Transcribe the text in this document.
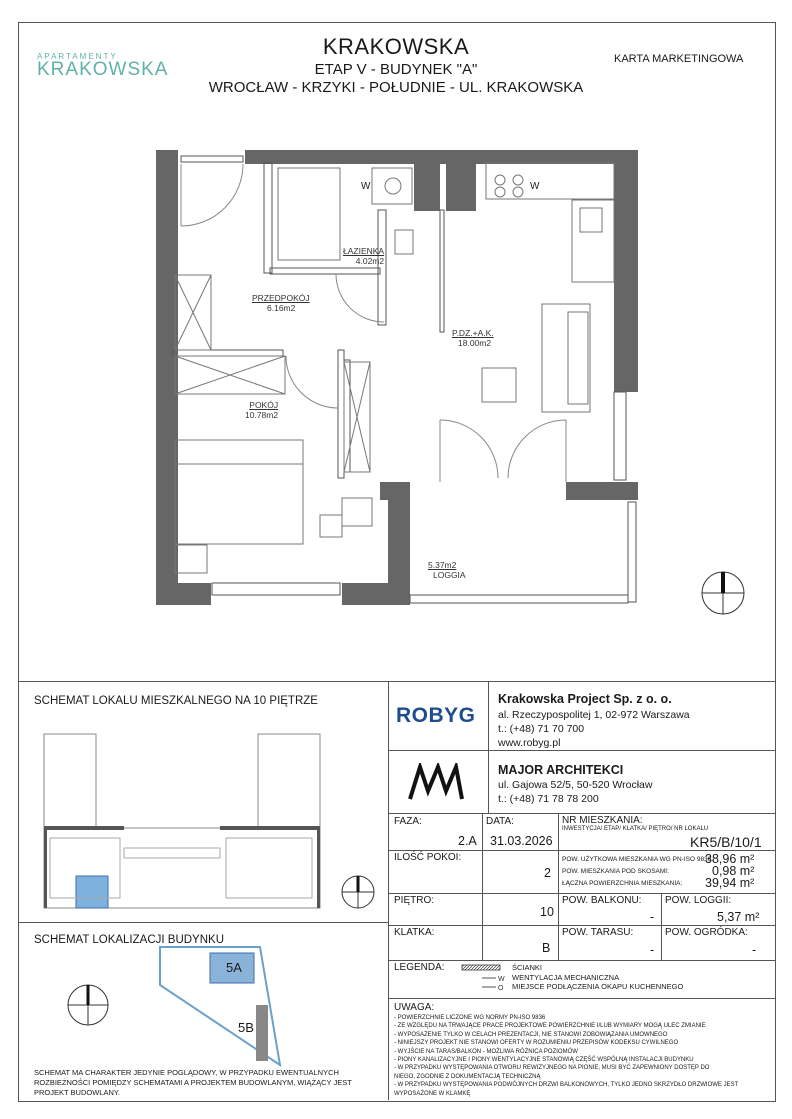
APARTAMENTY
KRAKOWSKA
KRAKOWSKA
ETAP V - BUDYNEK "A"
WROCŁAW - KRZYKI - POŁUDNIE - UL. KRAKOWSKA
KARTA MARKETINGOWA
W	W
ŁAZIENKA
4.02m2
PRZEDPOKÓJ
6.16m2
P.DZ.+A.K.
18.00m2
POKÓJ
10.78m2
5.37m2
LOGGIA
SCHEMAT LOKALU MIESZKALNEGO NA 10 PIĘTRZE
SCHEMAT LOKALIZACJI BUDYNKU
5A
5B
SCHEMAT MA CHARAKTER JEDYNIE POGLĄDOWY, W PRZYPADKU EWENTUALNYCH ROZBIEŻNOŚCI POMIĘDZY SCHEMATAMI A PROJEKTEM BUDOWLANYM, WIĄŻĄCY JEST PROJEKT BUDOWLANY.
ROBYG
Krakowska Project Sp. z o. o.
al. Rzeczypospolitej 1, 02-972 Warszawa
t.: (+48) 71 70 700
www.robyg.pl
MAJOR ARCHITEKCI
ul. Gajowa 52/5, 50-520 Wrocław
t.: (+48) 71 78 78 200
FAZA:
2.A
DATA:
31.03.2026
NR MIESZKANIA:
INWESTYCJA/ ETAP/ KLATKA/ PIĘTRO/ NR LOKALU
KR5/B/10/1
ILOŚĆ POKOI:
2
POW. UŻYTKOWA MIESZKANIA WG PN-ISO 9836:
38,96 m²
POW. MIESZKANIA POD SKOSAMI:	0,98 m²
ŁĄCZNA POWIERZCHNIA MIESZKANIA: 39,94 m²
PIĘTRO:
10
POW. BALKONU:
-
POW. LOGGII:
5,37 m²
KLATKA:
B
POW. TARASU:
-
POW. OGRÓDKA:
-
LEGENDA:
W
O
ŚCIANKI
WENTYLACJA MECHANICZNA
MIEJSCE PODŁĄCZENIA OKAPU KUCHENNEGO
UWAGA:
- POWIERZCHNIE LICZONE WG NORMY PN-ISO 9836
- ZE WZGLĘDU NA TRWAJĄCE PRACE PROJEKTOWE POWIERZCHNIE I/LUB WYMIARY MOGĄ ULEC ZMIANIE
- WYPOSAŻENIE TYLKO W CELACH PREZENTACJI, NIE STANOWI ZOBOWIĄZANIA UMOWNEGO
- NINIEJSZY PROJEKT NIE STANOWI OFERTY W ROZUMIENIU PRZEPISÓW KODEKSU CYWILNEGO
- WYJŚCIE NA TARAS/BALKON - MOŻLIWA RÓŻNICA POZIOMÓW
- PIONY KANALIZACYJNE I PIONY WENTYLACYJNE STANOWIĄ CZĘŚĆ WSPÓLNĄ INSTALACJI BUDYNKU
- W PRZYPADKU WYSTĘPOWANIA OTWORU REWIZYJNEGO NA PIONIE, MUSI BYĆ ZAPEWNIONY DOSTĘP DO
NIEGO, ZGODNIE Z DOKUMENTACJĄ TECHNICZNĄ
- W PRZYPADKU WYSTĘPOWANIA PODWÓJNYCH DRZWI BALKONOWYCH, TYLKO JEDNO SKRZYDŁO DRZWIOWE JEST
WYPOSAŻONE W KLAMKĘ
